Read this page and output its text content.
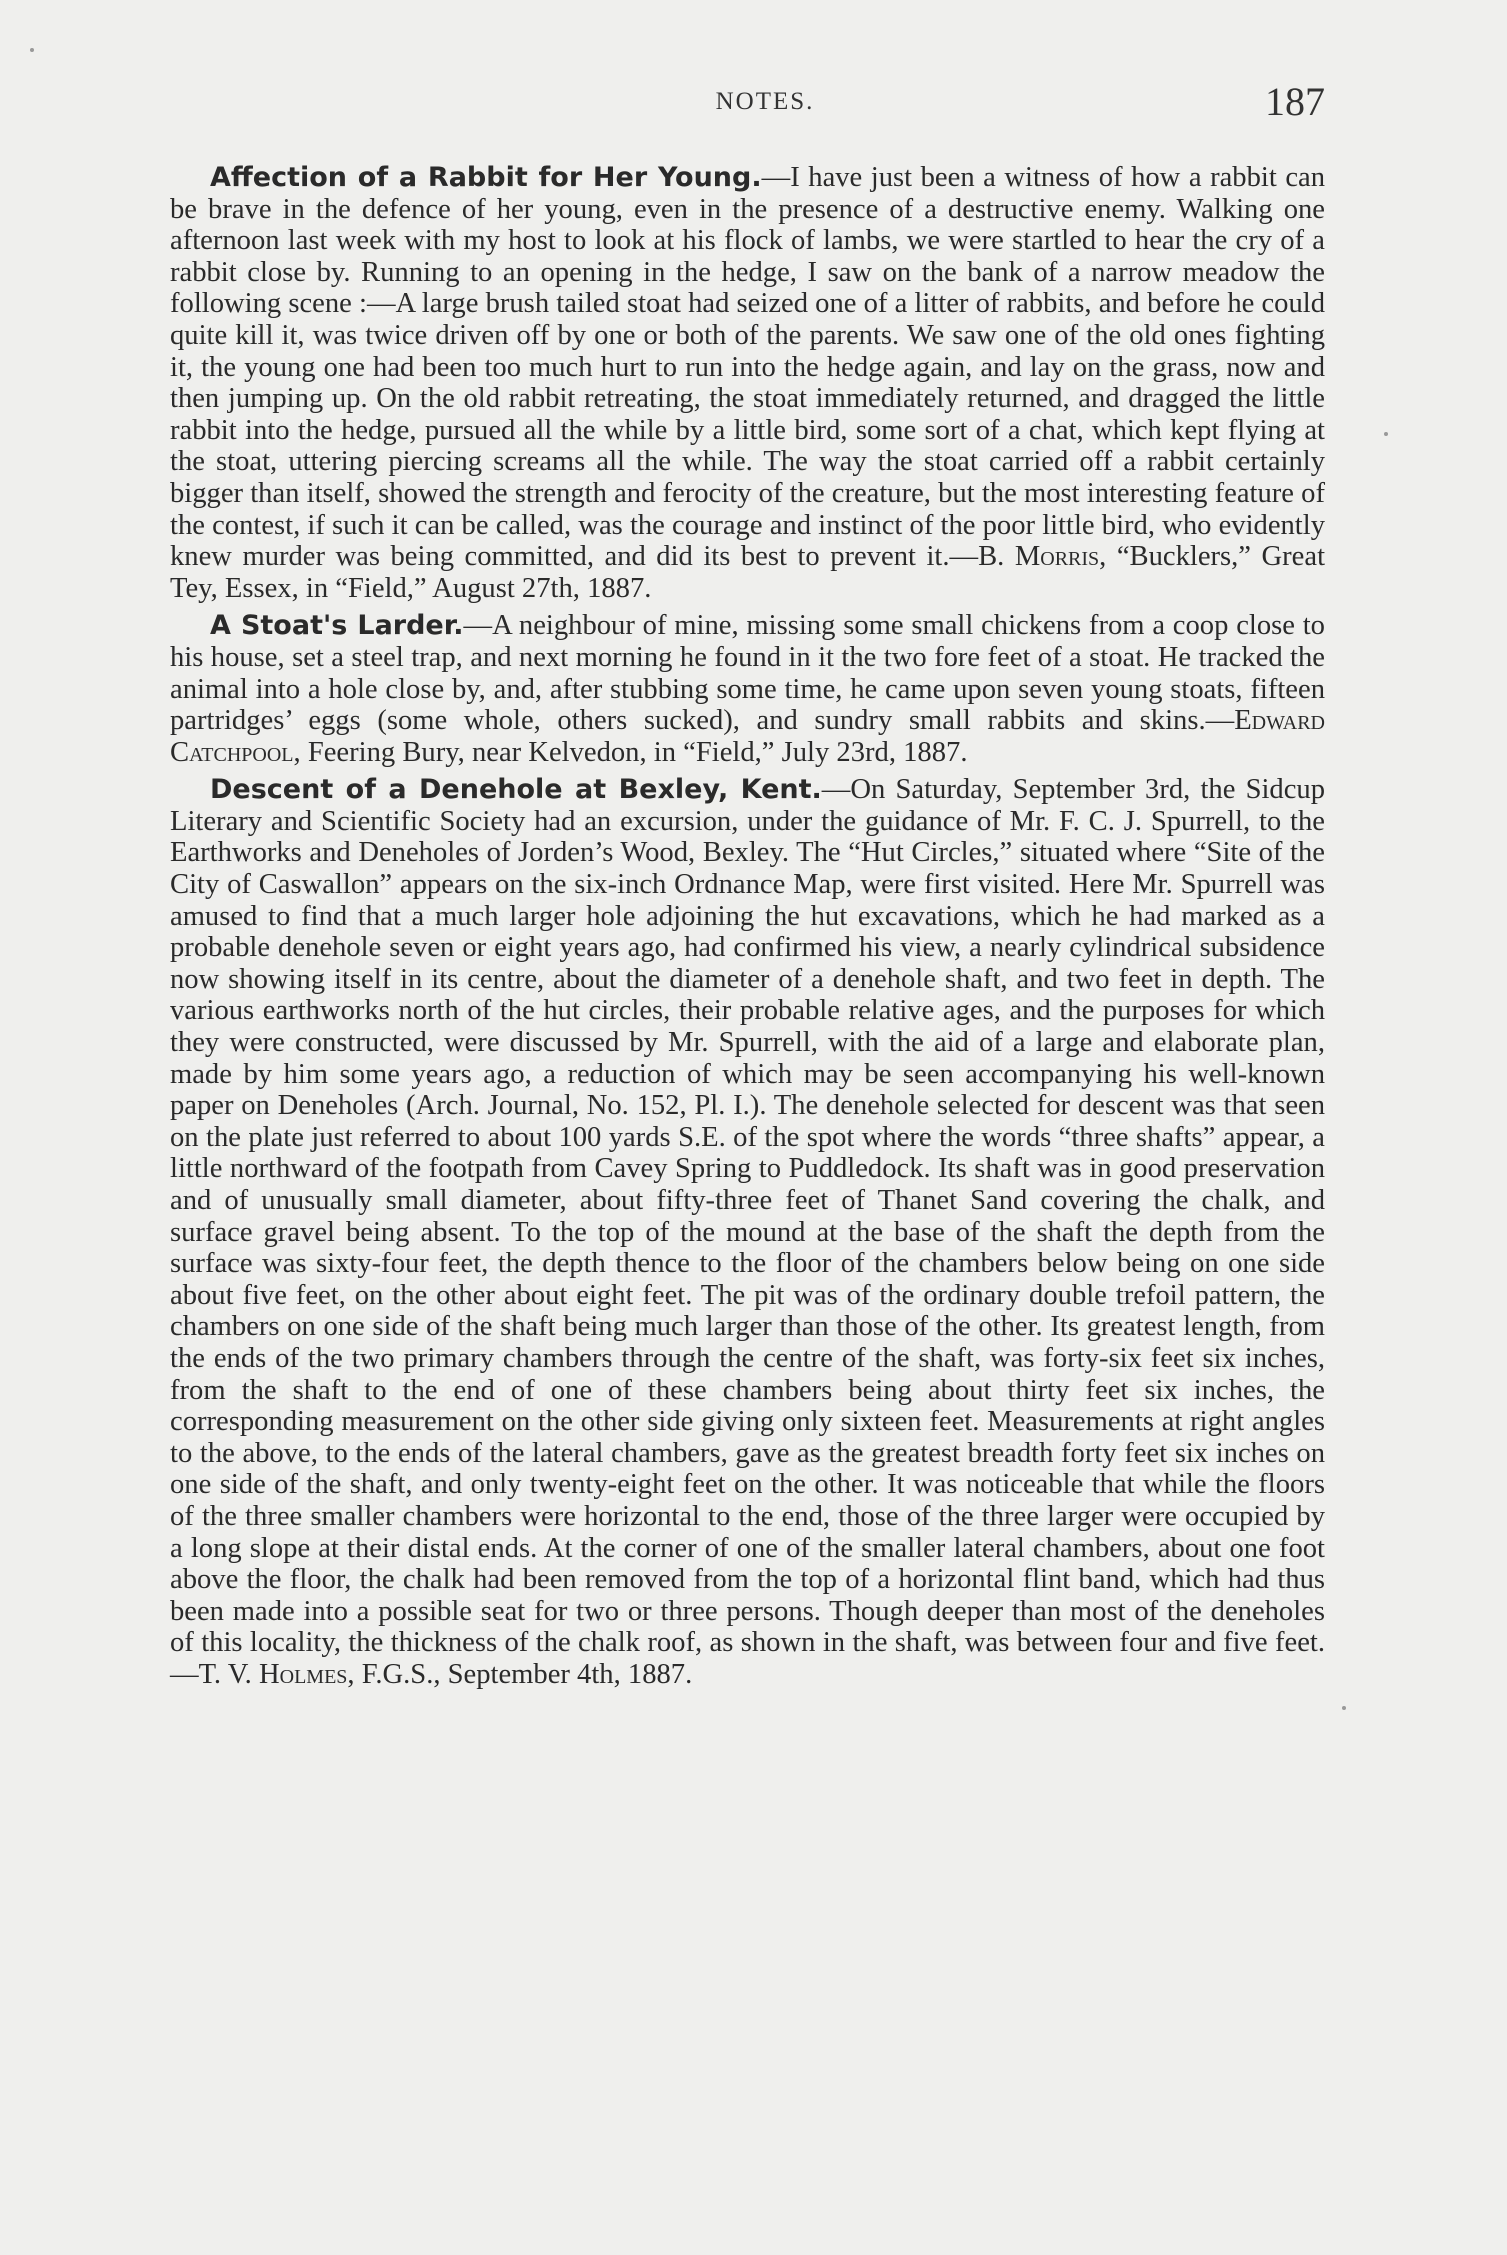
NOTES.	187

Affection of a Rabbit for Her Young.—I have just been a witness of how a rabbit can be brave in the defence of her young, even in the presence of a destructive enemy. Walking one afternoon last week with my host to look at his flock of lambs, we were startled to hear the cry of a rabbit close by. Running to an opening in the hedge, I saw on the bank of a narrow meadow the following scene :—A large brush tailed stoat had seized one of a litter of rabbits, and before he could quite kill it, was twice driven off by one or both of the parents. We saw one of the old ones fighting it, the young one had been too much hurt to run into the hedge again, and lay on the grass, now and then jumping up. On the old rabbit retreating, the stoat immediately returned, and dragged the little rabbit into the hedge, pursued all the while by a little bird, some sort of a chat, which kept flying at the stoat, uttering piercing screams all the while. The way the stoat carried off a rabbit certainly bigger than itself, showed the strength and ferocity of the creature, but the most interesting feature of the contest, if such it can be called, was the courage and instinct of the poor little bird, who evidently knew murder was being committed, and did its best to prevent it.—B. Morris, “Bucklers,” Great Tey, Essex, in “Field,” August 27th, 1887.

A Stoat's Larder.—A neighbour of mine, missing some small chickens from a coop close to his house, set a steel trap, and next morning he found in it the two fore feet of a stoat. He tracked the animal into a hole close by, and, after stubbing some time, he came upon seven young stoats, fifteen partridges’ eggs (some whole, others sucked), and sundry small rabbits and skins.—Edward Catchpool, Feering Bury, near Kelvedon, in “Field,” July 23rd, 1887.

Descent of a Denehole at Bexley, Kent.—On Saturday, September 3rd, the Sidcup Literary and Scientific Society had an excursion, under the guidance of Mr. F. C. J. Spurrell, to the Earthworks and Deneholes of Jorden’s Wood, Bexley. The “Hut Circles,” situated where “Site of the City of Caswallon” appears on the six-inch Ordnance Map, were first visited. Here Mr. Spurrell was amused to find that a much larger hole adjoining the hut excavations, which he had marked as a probable denehole seven or eight years ago, had confirmed his view, a nearly cylindrical subsidence now showing itself in its centre, about the diameter of a denehole shaft, and two feet in depth. The various earthworks north of the hut circles, their probable relative ages, and the purposes for which they were constructed, were discussed by Mr. Spurrell, with the aid of a large and elaborate plan, made by him some years ago, a reduction of which may be seen accompanying his well-known paper on Deneholes (Arch. Journal, No. 152, Pl. I.). The denehole selected for descent was that seen on the plate just referred to about 100 yards S.E. of the spot where the words “three shafts” appear, a little northward of the footpath from Cavey Spring to Puddledock. Its shaft was in good preservation and of unusually small diameter, about fifty-three feet of Thanet Sand covering the chalk, and surface gravel being absent. To the top of the mound at the base of the shaft the depth from the surface was sixty-four feet, the depth thence to the floor of the chambers below being on one side about five feet, on the other about eight feet. The pit was of the ordinary double trefoil pattern, the chambers on one side of the shaft being much larger than those of the other. Its greatest length, from the ends of the two primary chambers through the centre of the shaft, was forty-six feet six inches, from the shaft to the end of one of these chambers being about thirty feet six inches, the corresponding measurement on the other side giving only sixteen feet. Measurements at right angles to the above, to the ends of the lateral chambers, gave as the greatest breadth forty feet six inches on one side of the shaft, and only twenty-eight feet on the other. It was noticeable that while the floors of the three smaller chambers were horizontal to the end, those of the three larger were occupied by a long slope at their distal ends. At the corner of one of the smaller lateral chambers, about one foot above the floor, the chalk had been removed from the top of a horizontal flint band, which had thus been made into a possible seat for two or three persons. Though deeper than most of the deneholes of this locality, the thickness of the chalk roof, as shown in the shaft, was between four and five feet.—T. V. Holmes, F.G.S., September 4th, 1887.
